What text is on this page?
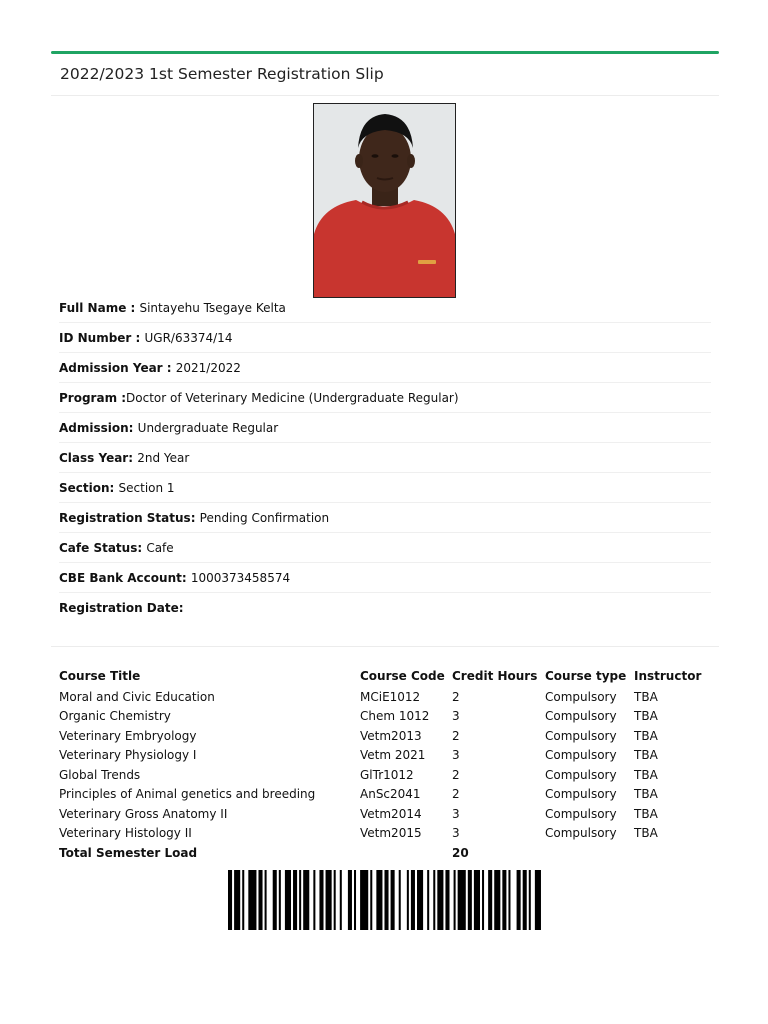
2022/2023 1st Semester Registration Slip
Full Name : Sintayehu Tsegaye Kelta
ID Number : UGR/63374/14
Admission Year : 2021/2022
Program : Doctor of Veterinary Medicine (Undergraduate Regular)
Admission: Undergraduate Regular
Class Year: 2nd Year
Section: Section 1
Registration Status: Pending Confirmation
Cafe Status: Cafe
CBE Bank Account: 1000373458574
Registration Date:
Course Title	Course Code	Credit Hours	Course type	Instructor
Moral and Civic Education	MCiE1012	2	Compulsory	TBA
Organic Chemistry	Chem 1012	3	Compulsory	TBA
Veterinary Embryology	Vetm2013	2	Compulsory	TBA
Veterinary Physiology I	Vetm 2021	3	Compulsory	TBA
Global Trends	GlTr1012	2	Compulsory	TBA
Principles of Animal genetics and breeding	AnSc2041	2	Compulsory	TBA
Veterinary Gross Anatomy II	Vetm2014	3	Compulsory	TBA
Veterinary Histology II	Vetm2015	3	Compulsory	TBA
Total Semester Load		20		
